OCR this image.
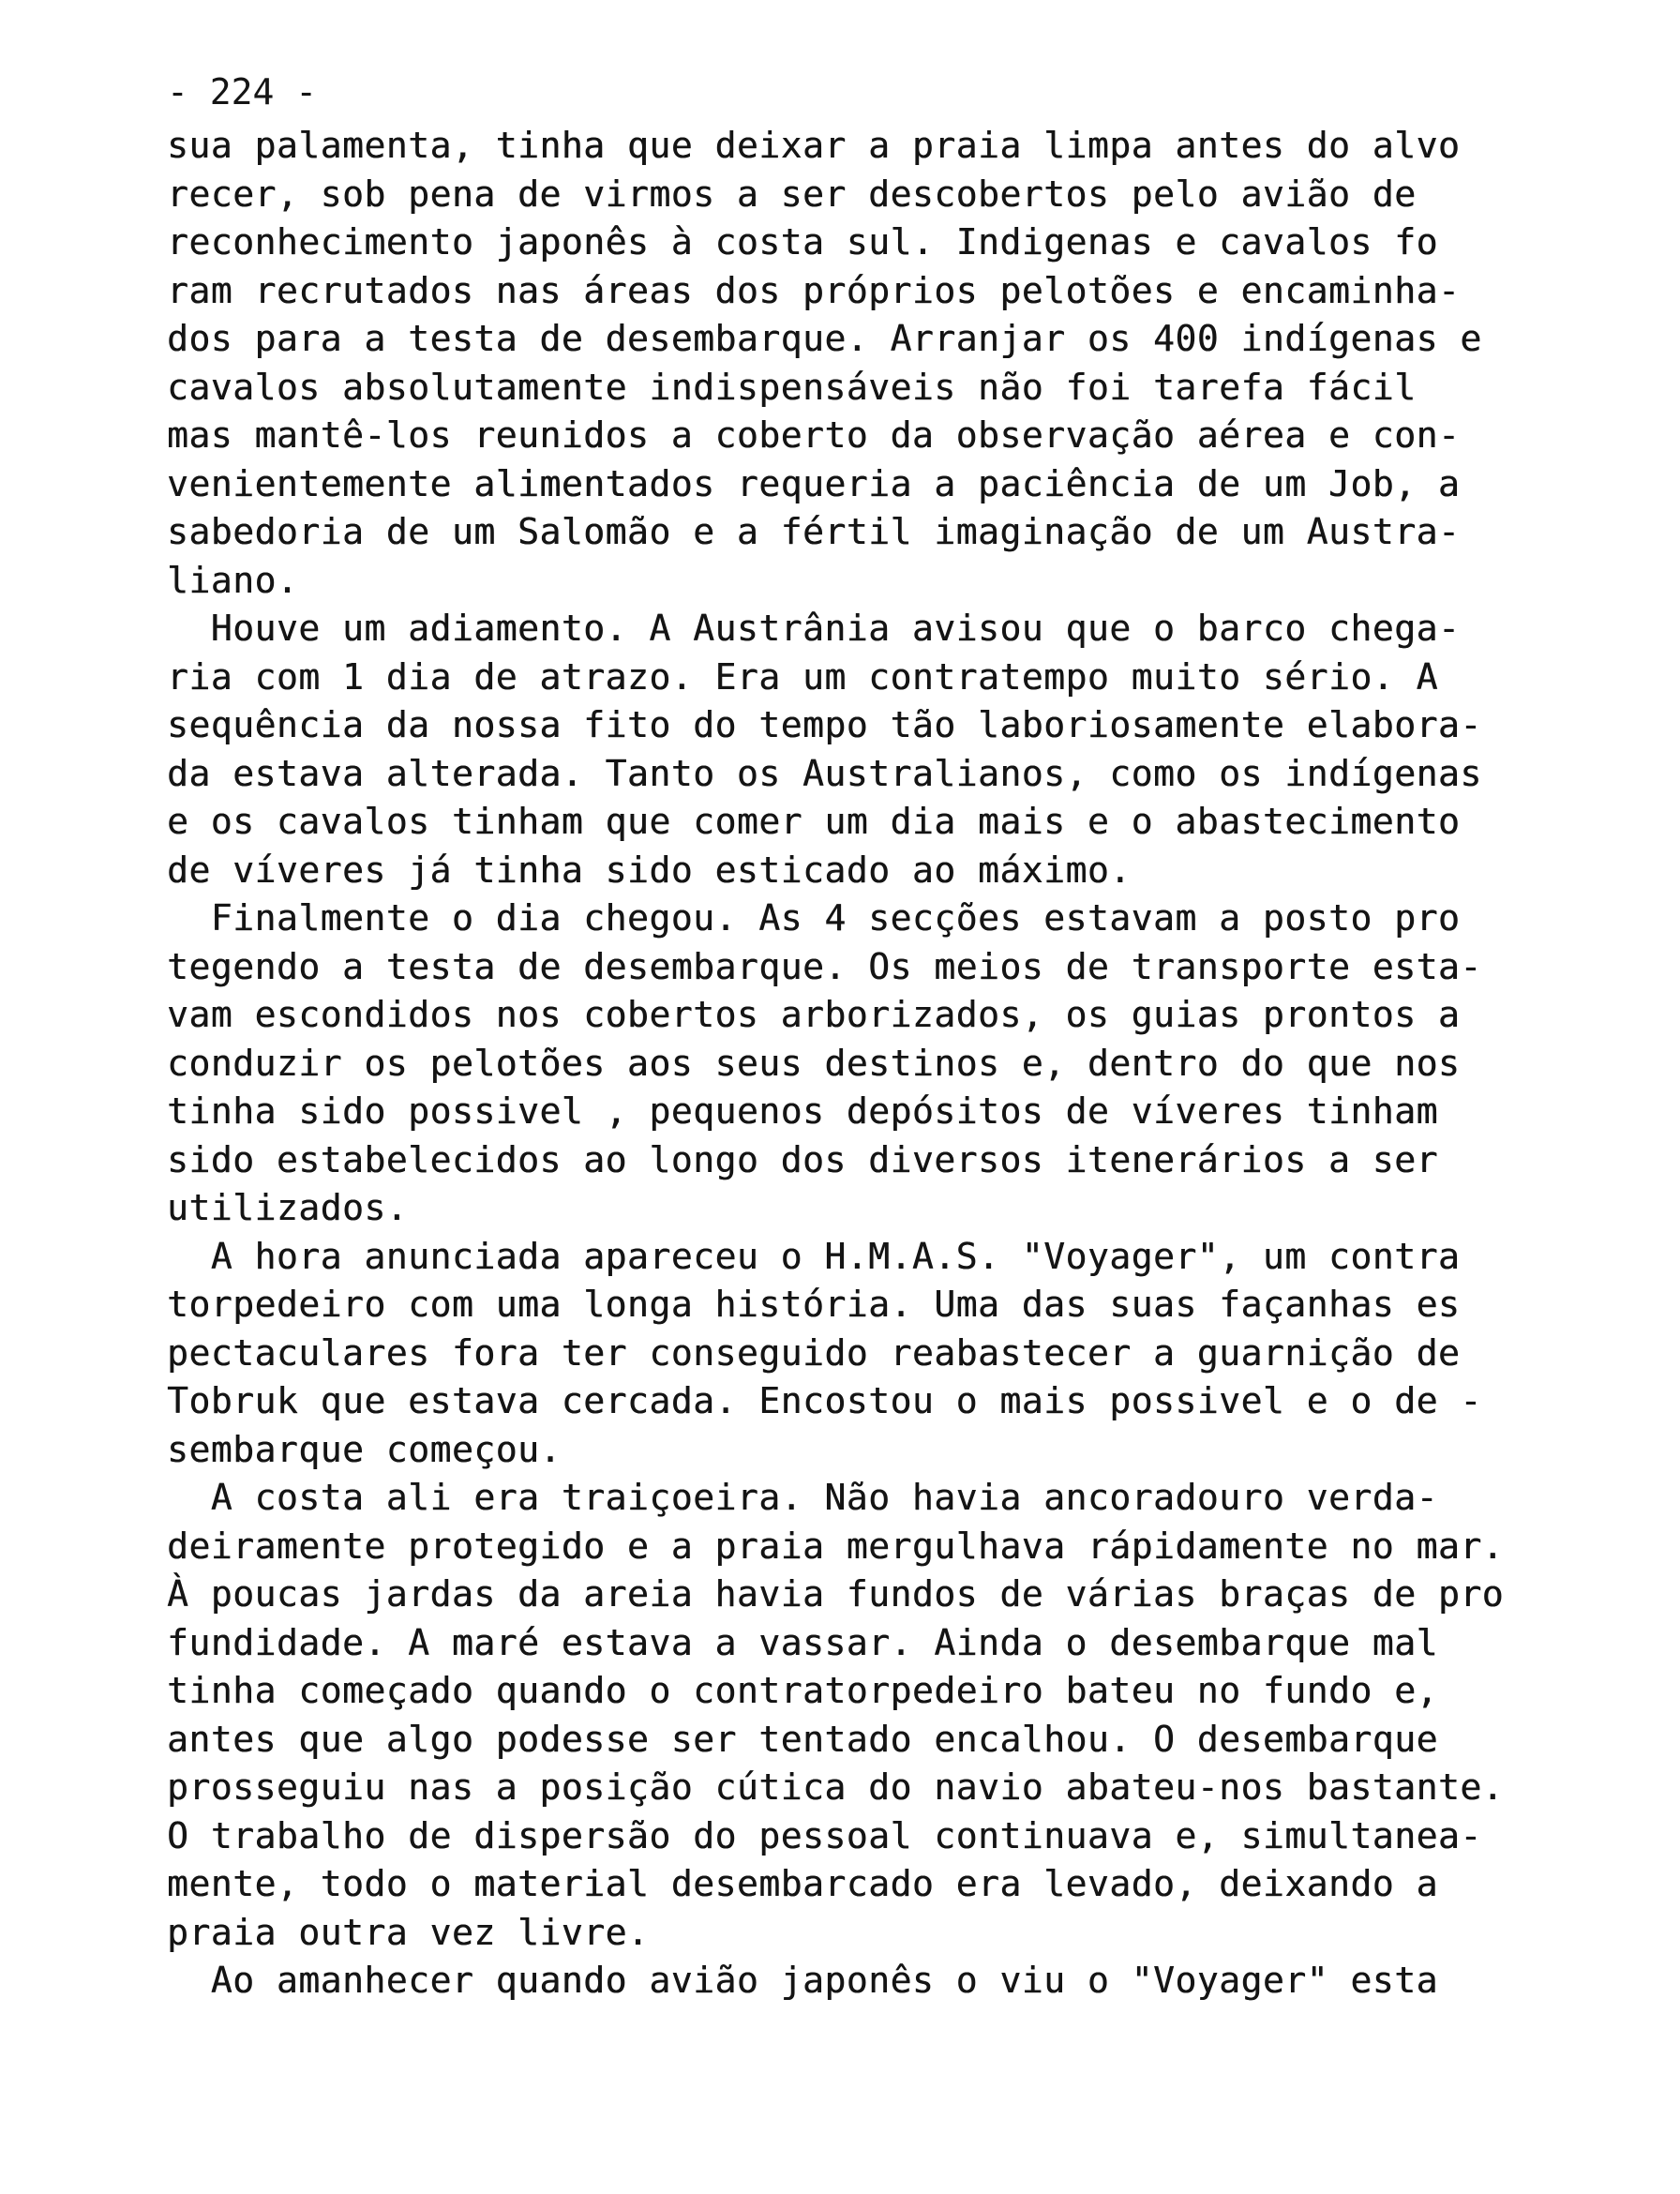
- 224 -
sua palamenta, tinha que deixar a praia limpa antes do alvo
recer, sob pena de virmos a ser descobertos pelo avião de
reconhecimento japonês à costa sul. Indigenas e cavalos fo
ram recrutados nas áreas dos próprios pelotões e encaminha-
dos para a testa de desembarque. Arranjar os 400 indígenas e
cavalos absolutamente indispensáveis não foi tarefa fácil
mas mantê-los reunidos a coberto da observação aérea e con-
venientemente alimentados requeria a paciência de um Job, a
sabedoria de um Salomão e a fértil imaginação de um Austra-
liano.
Houve um adiamento. A Austrânia avisou que o barco chega-
ria com 1 dia de atrazo. Era um contratempo muito sério. A
sequência da nossa fito do tempo tão laboriosamente elabora-
da estava alterada. Tanto os Australianos, como os indígenas
e os cavalos tinham que comer um dia mais e o abastecimento
de víveres já tinha sido esticado ao máximo.
Finalmente o dia chegou. As 4 secções estavam a posto pro
tegendo a testa de desembarque. Os meios de transporte esta-
vam escondidos nos cobertos arborizados, os guias prontos a
conduzir os pelotões aos seus destinos e, dentro do que nos
tinha sido possivel , pequenos depósitos de víveres tinham
sido estabelecidos ao longo dos diversos itenerários a ser
utilizados.
A hora anunciada apareceu o H.M.A.S. "Voyager", um contra
torpedeiro com uma longa história. Uma das suas façanhas es
pectaculares fora ter conseguido reabastecer a guarnição de
Tobruk que estava cercada. Encostou o mais possivel e o de -
sembarque começou.
A costa ali era traiçoeira. Não havia ancoradouro verda-
deiramente protegido e a praia mergulhava rápidamente no mar.
À poucas jardas da areia havia fundos de várias braças de pro
fundidade. A maré estava a vassar. Ainda o desembarque mal
tinha começado quando o contratorpedeiro bateu no fundo e,
antes que algo podesse ser tentado encalhou. O desembarque
prosseguiu nas a posição cútica do navio abateu-nos bastante.
O trabalho de dispersão do pessoal continuava e, simultanea-
mente, todo o material desembarcado era levado, deixando a
praia outra vez livre.
Ao amanhecer quando avião japonês o viu o "Voyager" esta
